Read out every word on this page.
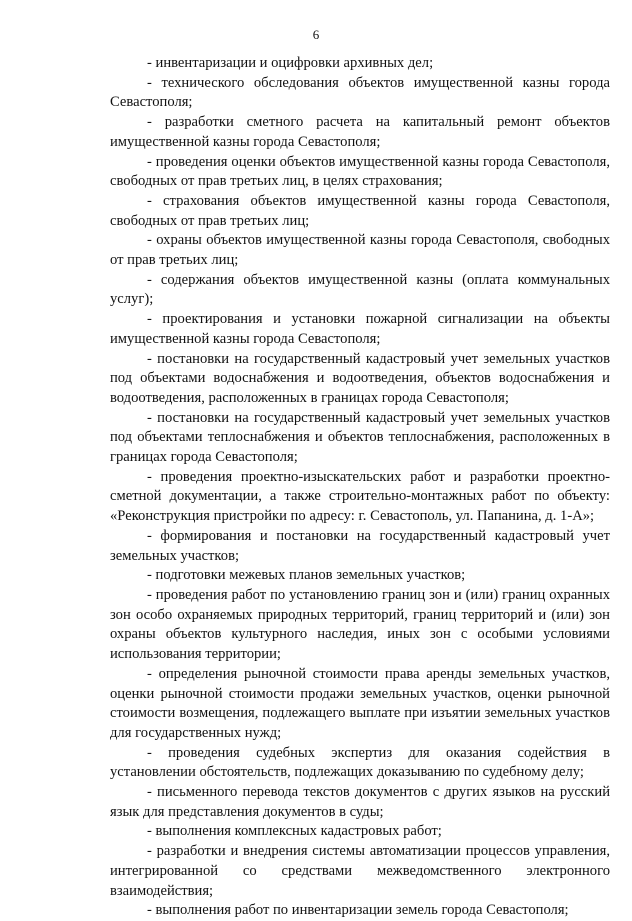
6

- инвентаризации и оцифровки архивных дел;

- технического обследования объектов имущественной казны города Севастополя;

- разработки сметного расчета на капитальный ремонт объектов имущественной казны города Севастополя;

- проведения оценки объектов имущественной казны города Севастополя, свободных от прав третьих лиц, в целях страхования;

- страхования объектов имущественной казны города Севастополя, свободных от прав третьих лиц;

- охраны объектов имущественной казны города Севастополя, свободных от прав третьих лиц;

- содержания объектов имущественной казны (оплата коммунальных услуг);

- проектирования и установки пожарной сигнализации на объекты имущественной казны города Севастополя;

- постановки на государственный кадастровый учет земельных участков под объектами водоснабжения и водоотведения, объектов водоснабжения и водоотведения, расположенных в границах города Севастополя;

- постановки на государственный кадастровый учет земельных участков под объектами теплоснабжения и объектов теплоснабжения, расположенных в границах города Севастополя;

- проведения проектно-изыскательских работ и разработки проектно-сметной документации, а также строительно-монтажных работ по объекту: «Реконструкция пристройки по адресу: г. Севастополь, ул. Папанина, д. 1-А»;

- формирования и постановки на государственный кадастровый учет земельных участков;

- подготовки межевых планов земельных участков;

- проведения работ по установлению границ зон и (или) границ охранных зон особо охраняемых природных территорий, границ территорий и (или) зон охраны объектов культурного наследия, иных зон с особыми условиями использования территории;

- определения рыночной стоимости права аренды земельных участков, оценки рыночной стоимости продажи земельных участков, оценки рыночной стоимости возмещения, подлежащего выплате при изъятии земельных участков для государственных нужд;

- проведения судебных экспертиз для оказания содействия в установлении обстоятельств, подлежащих доказыванию по судебному делу;

- письменного перевода текстов документов с других языков на русский язык для представления документов в суды;

- выполнения комплексных кадастровых работ;

- разработки и внедрения системы автоматизации процессов управления, интегрированной со средствами межведомственного электронного взаимодействия;

- выполнения работ по инвентаризации земель города Севастополя;
